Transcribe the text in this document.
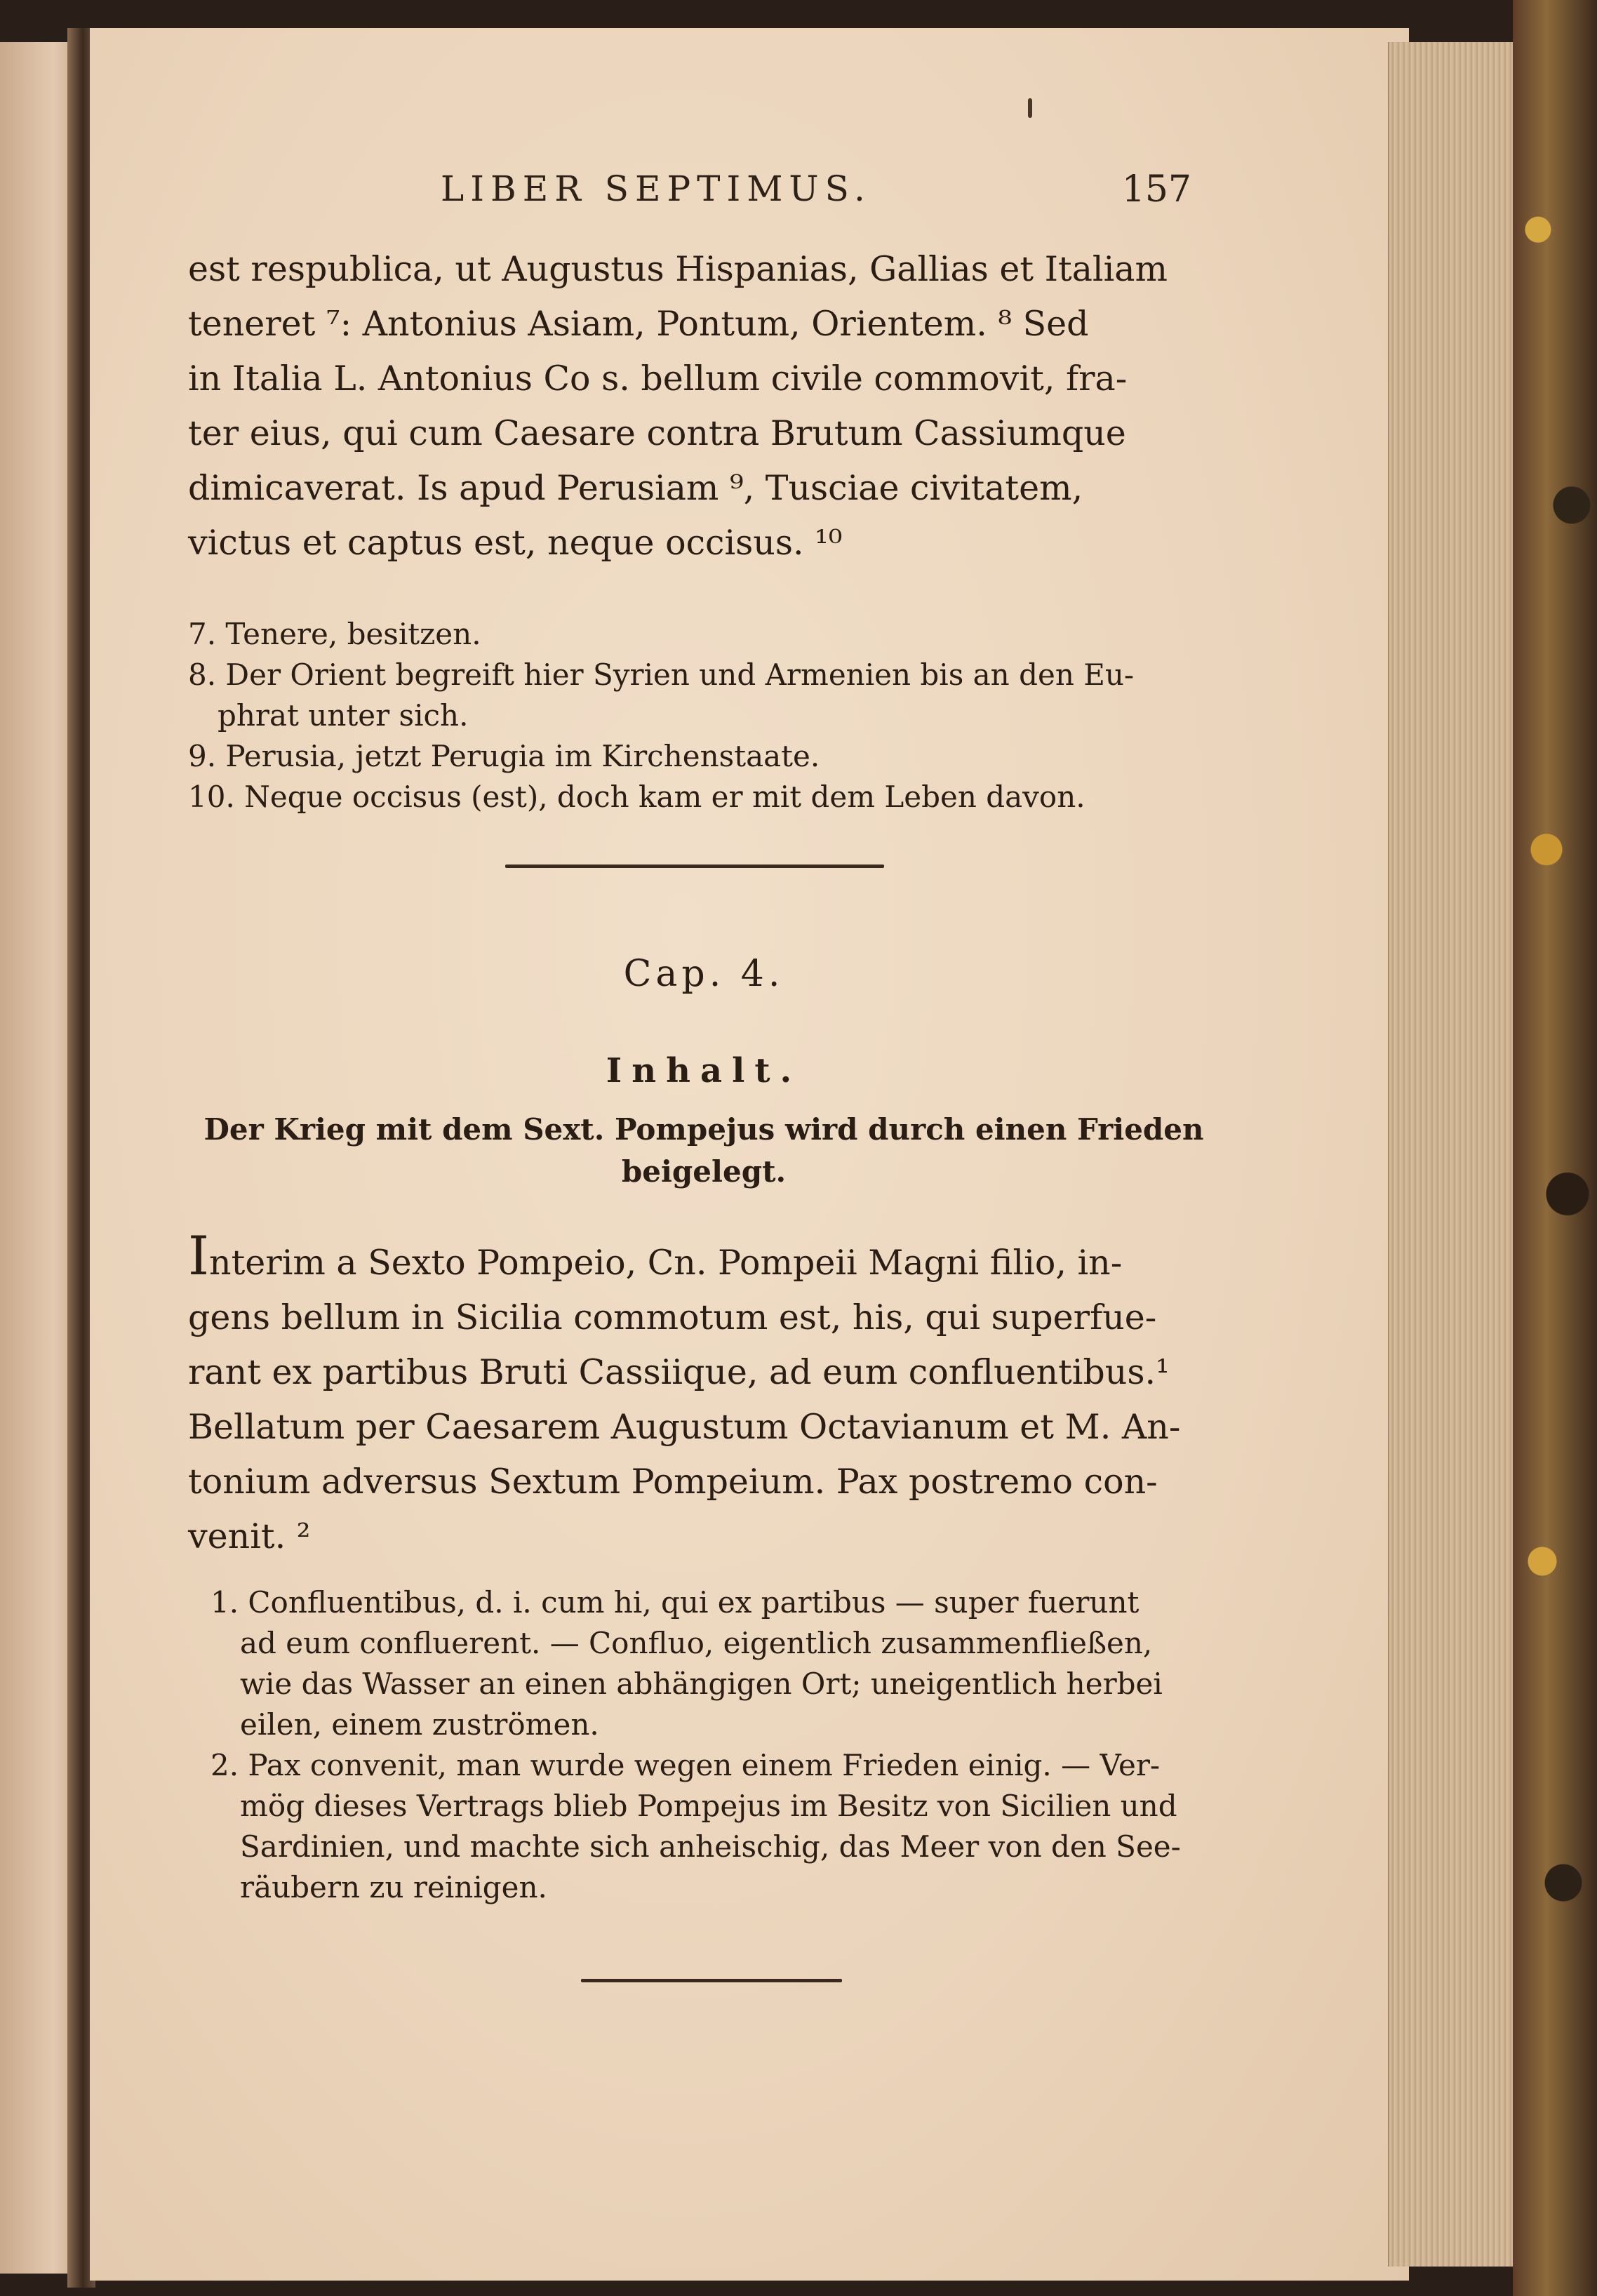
LIBER SEPTIMUS.	157
est respublica, ut Augustus Hispanias, Gallias et Italiam
teneret ⁷: Antonius Asiam, Pontum, Orientem. ⁸ Sed
in Italia L. Antonius Co s. bellum civile commovit, fra-
ter eius, qui cum Caesare contra Brutum Cassiumque
dimicaverat. Is apud Perusiam ⁹, Tusciae civitatem,
victus et captus est, neque occisus. ¹⁰
7. Tenere, besitzen.
8. Der Orient begreift hier Syrien und Armenien bis an den Eu-
phrat unter sich.
9. Perusia, jetzt Perugia im Kirchenstaate.
10. Neque occisus (est), doch kam er mit dem Leben davon.
Cap. 4.
Inhalt.
Der Krieg mit dem Sext. Pompejus wird durch einen Frieden
beigelegt.
Interim a Sexto Pompeio, Cn. Pompeii Magni filio, in-
gens bellum in Sicilia commotum est, his, qui superfue-
rant ex partibus Bruti Cassiique, ad eum confluentibus.¹
Bellatum per Caesarem Augustum Octavianum et M. An-
tonium adversus Sextum Pompeium. Pax postremo con-
venit. ²
1. Confluentibus, d. i. cum hi, qui ex partibus — super fuerunt
ad eum confluerent. — Confluo, eigentlich zusammenfließen,
wie das Wasser an einen abhängigen Ort; uneigentlich herbei
eilen, einem zuströmen.
2. Pax convenit, man wurde wegen einem Frieden einig. — Ver-
mög dieses Vertrags blieb Pompejus im Besitz von Sicilien und
Sardinien, und machte sich anheischig, das Meer von den See-
räubern zu reinigen.
